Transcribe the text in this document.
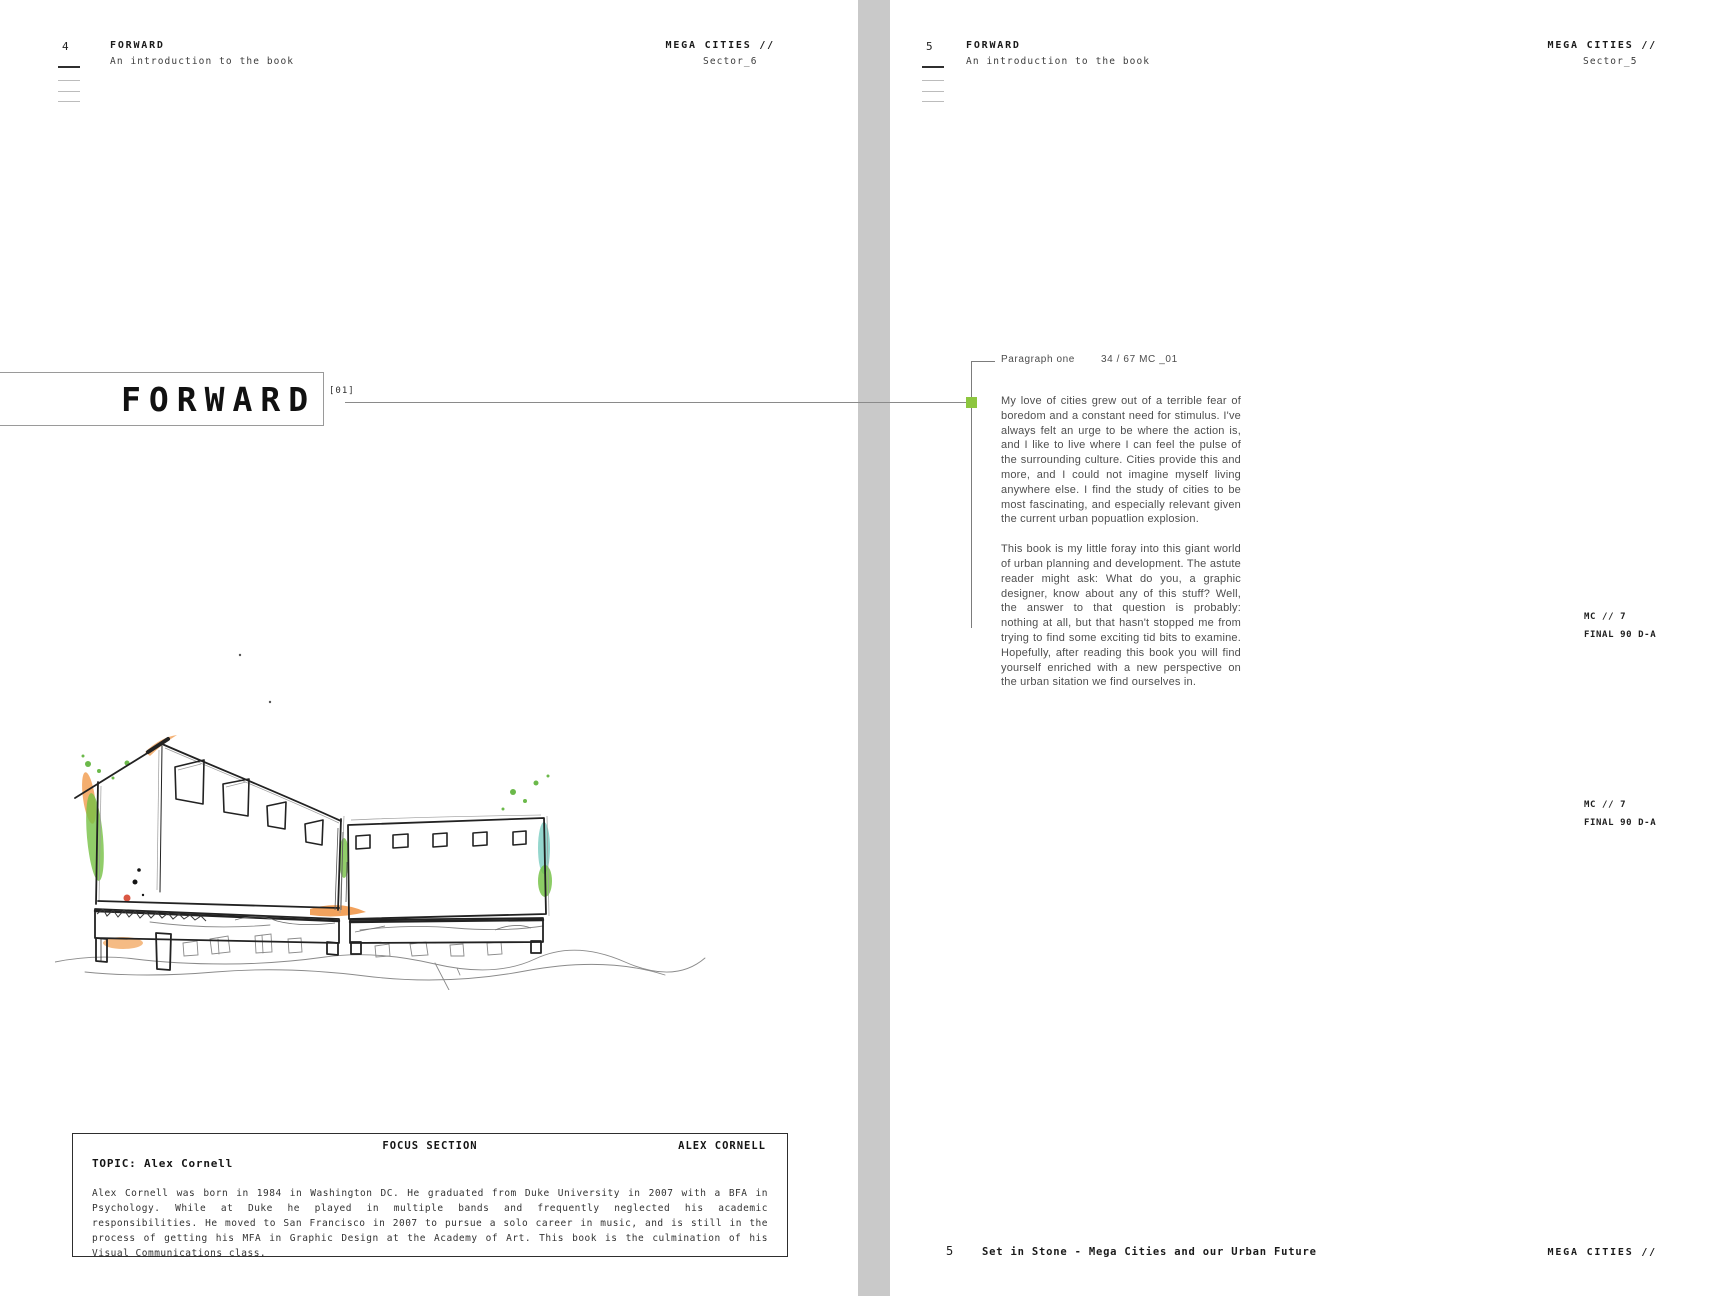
4	FORWARD
An introduction to the book
MEGA CITIES //
Sector_6
FORWARD [01]
FOCUS SECTION	ALEX CORNELL
TOPIC: Alex Cornell
Alex Cornell was born in 1984 in Washington DC. He graduated from Duke University in 2007 with a BFA in Psychology. While at Duke he played in multiple bands and frequently neglected his academic responsibilities. He moved to San Francisco in 2007 to pursue a solo career in music, and is still in the process of getting his MFA in Graphic Design at the Academy of Art. This book is the culmination of his Visual Communications class.
5	FORWARD
An introduction to the book
MEGA CITIES //
Sector_5
Paragraph one	34 / 67 MC _01

My love of cities grew out of a terrible fear of boredom and a constant need for stimulus. I've always felt an urge to be where the action is, and I like to live where I can feel the pulse of the surrounding culture. Cities provide this and more, and I could not imagine myself living anywhere else. I find the study of cities to be most fascinating, and especially relevant given the current urban popuatlion explosion.

This book is my little foray into this giant world of urban planning and development. The astute reader might ask: What do you, a graphic designer, know about any of this stuff? Well, the answer to that question is probably: nothing at all, but that hasn't stopped me from trying to find some exciting tid bits to examine. Hopefully, after reading this book you will find yourself enriched with a new perspective on the urban sitation we find ourselves in.

MC // 7
FINAL 90 D-A
MC // 7
FINAL 90 D-A
5	Set in Stone - Mega Cities and our Urban Future	MEGA CITIES //
